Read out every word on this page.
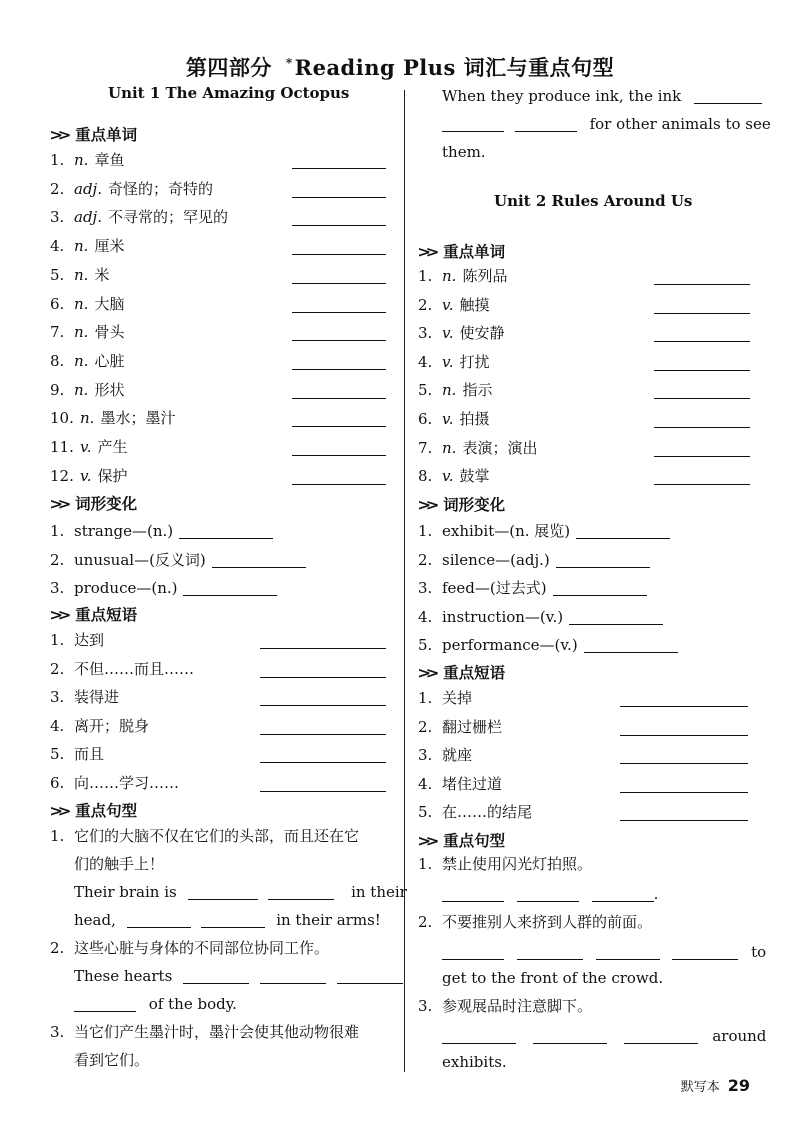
第四部分 *Reading Plus 词汇与重点句型
Unit 1 The Amazing Octopus
>> 重点单词
1. n. 章鱼
2. adj. 奇怪的；奇特的
3. adj. 不寻常的；罕见的
4. n. 厘米
5. n. 米
6. n. 大脑
7. n. 骨头
8. n. 心脏
9. n. 形状
10. n. 墨水；墨汁
11. v. 产生
12. v. 保护
>> 词形变化
1. strange—(n.)
2. unusual—(反义词)
3. produce—(n.)
>> 重点短语
1. 达到
2. 不但……而且……
3. 装得进
4. 离开；脱身
5. 而且
6. 向……学习……
>> 重点句型
1. 它们的大脑不仅在它们的头部，而且还在它
们的触手上！
Their brain is	in their
head,	in their arms!
2. 这些心脏与身体的不同部位协同工作。
These hearts
of the body.
3. 当它们产生墨汁时，墨汁会使其他动物很难
看到它们。
When they produce ink, the ink
for other animals to see
them.
Unit 2 Rules Around Us
>> 重点单词
1. n. 陈列品
2. v. 触摸
3. v. 使安静
4. v. 打扰
5. n. 指示
6. v. 拍摄
7. n. 表演；演出
8. v. 鼓掌
>> 词形变化
1. exhibit—(n. 展览)
2. silence—(adj.)
3. feed—(过去式)
4. instruction—(v.)
5. performance—(v.)
>> 重点短语
1. 关掉
2. 翻过栅栏
3. 就座
4. 堵住过道
5. 在……的结尾
>> 重点句型
1. 禁止使用闪光灯拍照。
.
2. 不要推别人来挤到人群的前面。
to
get to the front of the crowd.
3. 参观展品时注意脚下。
around
exhibits.
默写本 29
